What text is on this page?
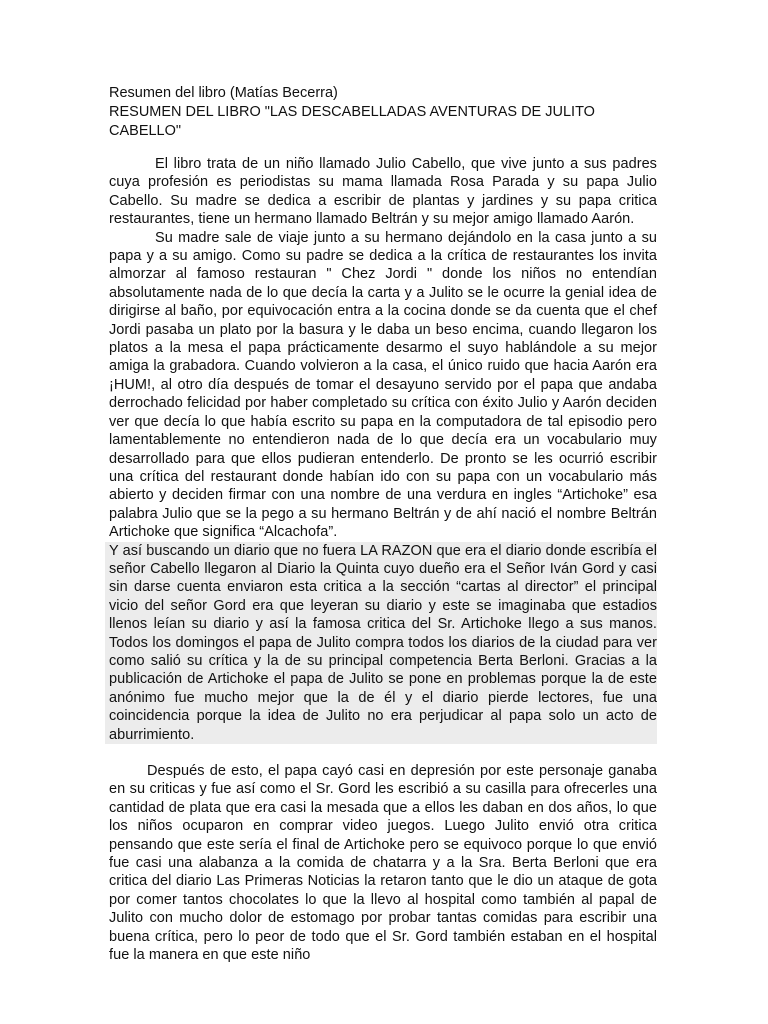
Resumen del libro (Matías Becerra)

RESUMEN DEL LIBRO "LAS DESCABELLADAS AVENTURAS DE JULITO CABELLO"

El libro trata de un niño llamado Julio Cabello, que vive junto a sus padres cuya profesión es periodistas su mama llamada Rosa Parada y su papa Julio Cabello. Su madre se dedica a escribir de plantas y jardines y su papa critica restaurantes, tiene un hermano llamado Beltrán y su mejor amigo llamado Aarón.

Su madre sale de viaje junto a su hermano dejándolo en la casa junto a su papa y a su amigo. Como su padre se dedica a la crítica de restaurantes los invita almorzar al famoso restauran " Chez Jordi " donde los niños no entendían absolutamente nada de lo que decía la carta y a Julito se le ocurre la genial idea de dirigirse al baño, por equivocación entra a la cocina donde se da cuenta que el chef Jordi pasaba un plato por la basura y le daba un beso encima, cuando llegaron los platos a la mesa el papa prácticamente desarmo el suyo hablándole a su mejor amiga la grabadora. Cuando volvieron a la casa, el único ruido que hacia Aarón era ¡HUM!, al otro día después de tomar el desayuno servido por el papa que andaba derrochado felicidad por haber completado su crítica con éxito Julio y Aarón deciden ver que decía lo que había escrito su papa en la computadora de tal episodio pero lamentablemente no entendieron nada de lo que decía era un vocabulario muy desarrollado para que ellos pudieran entenderlo. De pronto se les ocurrió escribir una crítica del restaurant donde habían ido con su papa con un vocabulario más abierto y deciden firmar con una nombre de una verdura en ingles “Artichoke” esa palabra Julio que se la pego a su hermano Beltrán y de ahí nació el nombre Beltrán Artichoke que significa “Alcachofa”.

Y así buscando un diario que no fuera LA RAZON que era el diario donde escribía el señor Cabello llegaron al Diario la Quinta cuyo dueño era el Señor Iván Gord y casi sin darse cuenta enviaron esta critica a la sección “cartas al director” el principal vicio del señor Gord era que leyeran su diario y este se imaginaba que estadios llenos leían su diario y así la famosa critica del Sr. Artichoke llego a sus manos. Todos los domingos el papa de Julito compra todos los diarios de la ciudad para ver como salió su crítica y la de su principal competencia Berta Berloni. Gracias a la publicación de Artichoke el papa de Julito se pone en problemas porque la de este anónimo fue mucho mejor que la de él y el diario pierde lectores, fue una coincidencia porque la idea de Julito no era perjudicar al papa solo un acto de aburrimiento.

Después de esto, el papa cayó casi en depresión por este personaje ganaba en su criticas y fue así como el Sr. Gord les escribió a su casilla para ofrecerles una cantidad de plata que era casi la mesada que a ellos les daban en dos años, lo que los niños ocuparon en comprar video juegos. Luego Julito envió otra critica pensando que este sería el final de Artichoke pero se equivoco porque lo que envió fue casi una alabanza a la comida de chatarra y a la Sra. Berta Berloni que era critica del diario Las Primeras Noticias la retaron tanto que le dio un ataque de gota por comer tantos chocolates lo que la llevo al hospital como también al papal de Julito con mucho dolor de estomago por probar tantas comidas para escribir una buena crítica, pero lo peor de todo que el Sr. Gord también estaban en el hospital fue la manera en que este niño
